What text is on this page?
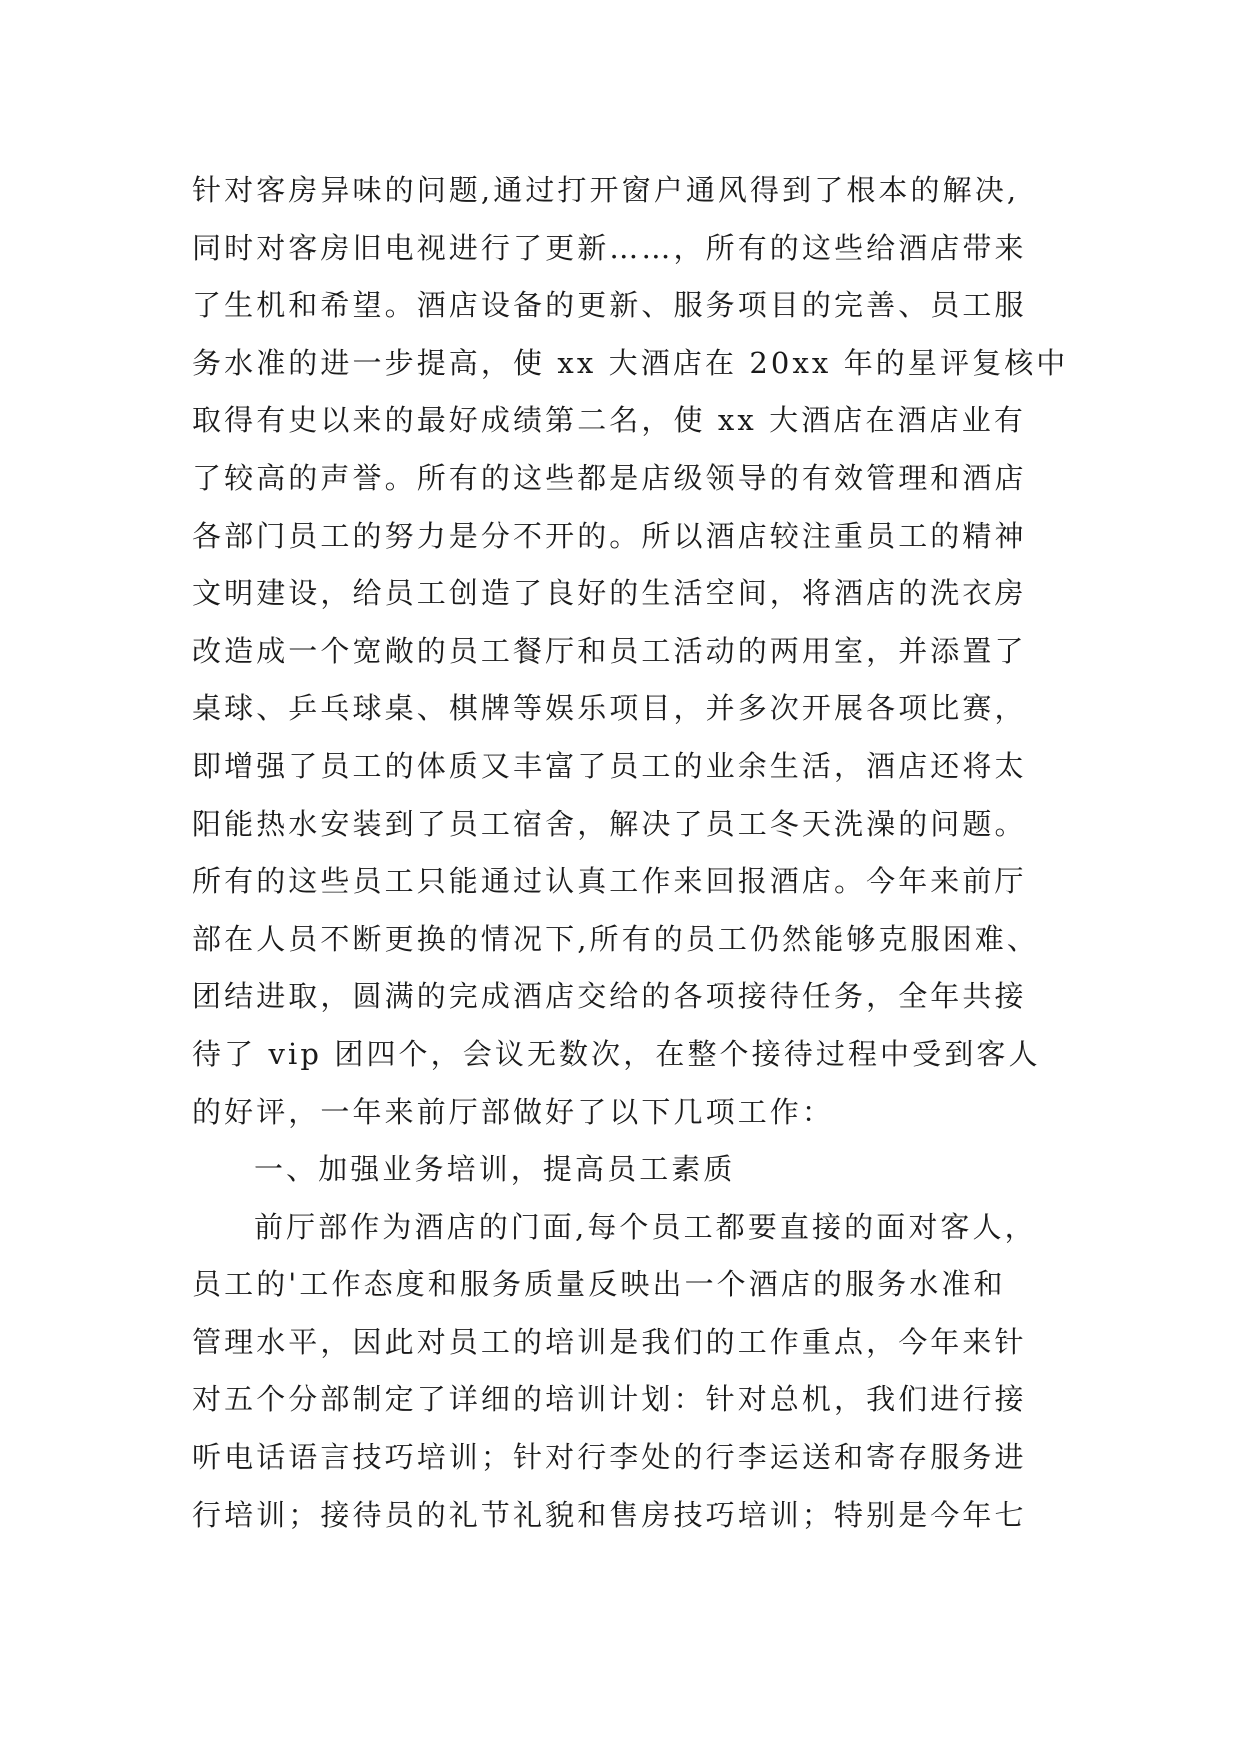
针对客房异味的问题,通过打开窗户通风得到了根本的解决,
同时对客房旧电视进行了更新……，所有的这些给酒店带来
了生机和希望。酒店设备的更新、服务项目的完善、员工服
务水准的进一步提高，使 xx 大酒店在 20xx 年的星评复核中
取得有史以来的最好成绩第二名，使 xx 大酒店在酒店业有
了较高的声誉。所有的这些都是店级领导的有效管理和酒店
各部门员工的努力是分不开的。所以酒店较注重员工的精神
文明建设，给员工创造了良好的生活空间，将酒店的洗衣房
改造成一个宽敞的员工餐厅和员工活动的两用室，并添置了
桌球、乒乓球桌、棋牌等娱乐项目，并多次开展各项比赛，
即增强了员工的体质又丰富了员工的业余生活，酒店还将太
阳能热水安装到了员工宿舍，解决了员工冬天洗澡的问题。
所有的这些员工只能通过认真工作来回报酒店。今年来前厅
部在人员不断更换的情况下,所有的员工仍然能够克服困难、
团结进取，圆满的完成酒店交给的各项接待任务，全年共接
待了 vip 团四个，会议无数次，在整个接待过程中受到客人
的好评，一年来前厅部做好了以下几项工作：
一、加强业务培训，提高员工素质
前厅部作为酒店的门面,每个员工都要直接的面对客人，
员工的'工作态度和服务质量反映出一个酒店的服务水准和
管理水平，因此对员工的培训是我们的工作重点，今年来针
对五个分部制定了详细的培训计划：针对总机，我们进行接
听电话语言技巧培训；针对行李处的行李运送和寄存服务进
行培训；接待员的礼节礼貌和售房技巧培训；特别是今年七
